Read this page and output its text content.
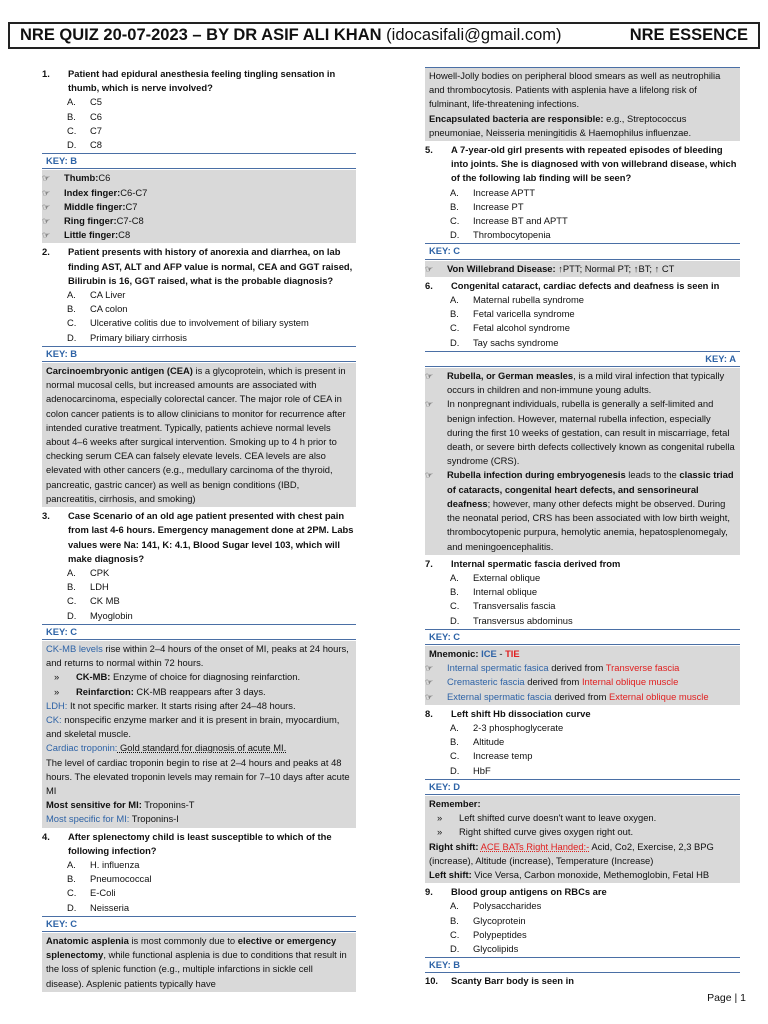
NRE QUIZ 20-07-2023 – BY DR ASIF ALI KHAN (idocasifali@gmail.com)	NRE ESSENCE
1.	Patient had epidural anesthesia feeling tingling sensation in thumb, which is nerve involved?
A.	C5
B.	C6
C.	C7
D.	C8
KEY: B
☞	Thumb: C6
☞	Index finger: C6-C7
☞	Middle finger: C7
☞	Ring finger: C7-C8
☞	Little finger: C8
2.	Patient presents with history of anorexia and diarrhea, on lab finding AST, ALT and AFP value is normal, CEA and GGT raised, Bilirubin is 16, GGT raised, what is the probable diagnosis?
A.	CA Liver
B.	CA colon
C.	Ulcerative colitis due to involvement of biliary system
D.	Primary biliary cirrhosis
KEY: B
Carcinoembryonic antigen (CEA) is a glycoprotein, which is present in normal mucosal cells, but increased amounts are associated with adenocarcinoma, especially colorectal cancer. The major role of CEA in colon cancer patients is to allow clinicians to monitor for recurrence after intended curative treatment. Typically, patients achieve normal levels about 4–6 weeks after surgical intervention. Smoking up to 4 h prior to checking serum CEA can falsely elevate levels. CEA levels are also elevated with other cancers (e.g., medullary carcinoma of the thyroid, pancreatic, gastric cancer) as well as benign conditions (IBD, pancreatitis, cirrhosis, and smoking)
3.	Case Scenario of an old age patient presented with chest pain from last 4-6 hours. Emergency management done at 2PM. Labs values were Na: 141, K: 4.1, Blood Sugar level 103, which will make diagnosis?
A.	CPK
B.	LDH
C.	CK MB
D.	Myoglobin
KEY: C
CK-MB levels rise within 2–4 hours of the onset of MI, peaks at 24 hours, and returns to normal within 72 hours.
»	CK-MB: Enzyme of choice for diagnosing reinfarction.
»	Reinfarction: CK-MB reappears after 3 days.
LDH: It not specific marker. It starts rising after 24–48 hours.
CK: nonspecific enzyme marker and it is present in brain, myocardium, and skeletal muscle.
Cardiac troponin: Gold standard for diagnosis of acute MI.
The level of cardiac troponin begin to rise at 2–4 hours and peaks at 48 hours. The elevated troponin levels may remain for 7–10 days after acute MI
Most sensitive for MI: Troponins-T
Most specific for MI: Troponins-I
4.	After splenectomy child is least susceptible to which of the following infection?
A.	H. influenza
B.	Pneumococcal
C.	E-Coli
D.	Neisseria
KEY: C
Anatomic asplenia is most commonly due to elective or emergency splenectomy, while functional asplenia is due to conditions that result in the loss of splenic function (e.g., multiple infarctions in sickle cell disease). Asplenic patients typically have
Howell-Jolly bodies on peripheral blood smears as well as neutrophilia and thrombocytosis. Patients with asplenia have a lifelong risk of fulminant, life-threatening infections.
Encapsulated bacteria are responsible: e.g., Streptococcus pneumoniae, Neisseria meningitidis & Haemophilus influenzae.
5.	A 7-year-old girl presents with repeated episodes of bleeding into joints. She is diagnosed with von willebrand disease, which of the following lab finding will be seen?
A.	Increase APTT
B.	Increase PT
C.	Increase BT and APTT
D.	Thrombocytopenia
KEY: C
☞	Von Willebrand Disease: ↑PTT; Normal PT; ↑BT; ↑ CT
6.	Congenital cataract, cardiac defects and deafness is seen in
A.	Maternal rubella syndrome
B.	Fetal varicella syndrome
C.	Fetal alcohol syndrome
D.	Tay sachs syndrome
KEY: A
☞	Rubella, or German measles, is a mild viral infection that typically occurs in children and non-immune young adults.
☞	In nonpregnant individuals, rubella is generally a self-limited and benign infection. However, maternal rubella infection, especially during the first 10 weeks of gestation, can result in miscarriage, fetal death, or severe birth defects collectively known as congenital rubella syndrome (CRS).
☞	Rubella infection during embryogenesis leads to the classic triad of cataracts, congenital heart defects, and sensorineural deafness; however, many other defects might be observed. During the neonatal period, CRS has been associated with low birth weight, thrombocytopenic purpura, hemolytic anemia, hepatosplenomegaly, and meningoencephalitis.
7.	Internal spermatic fascia derived from
A.	External oblique
B.	Internal oblique
C.	Transversalis fascia
D.	Transversus abdominus
KEY: C
Mnemonic: ICE - TIE
☞	Internal spermatic fasica derived from Transverse fascia
☞	Cremasteric fascia derived from Internal oblique muscle
☞	External spermatic fascia derived from External oblique muscle
8.	Left shift Hb dissociation curve
A.	2-3 phosphoglycerate
B.	Altitude
C.	Increase temp
D.	HbF
KEY: D
Remember:
»	Left shifted curve doesn't want to leave oxygen.
»	Right shifted curve gives oxygen right out.
Right shift: ACE BATs Right Handed:- Acid, Co2, Exercise, 2,3 BPG (increase), Altitude (increase), Temperature (Increase)
Left shift: Vice Versa, Carbon monoxide, Methemoglobin, Fetal HB
9.	Blood group antigens on RBCs are
A.	Polysaccharides
B.	Glycoprotein
C.	Polypeptides
D.	Glycolipids
KEY: B
10.	Scanty Barr body is seen in
Page | 1
